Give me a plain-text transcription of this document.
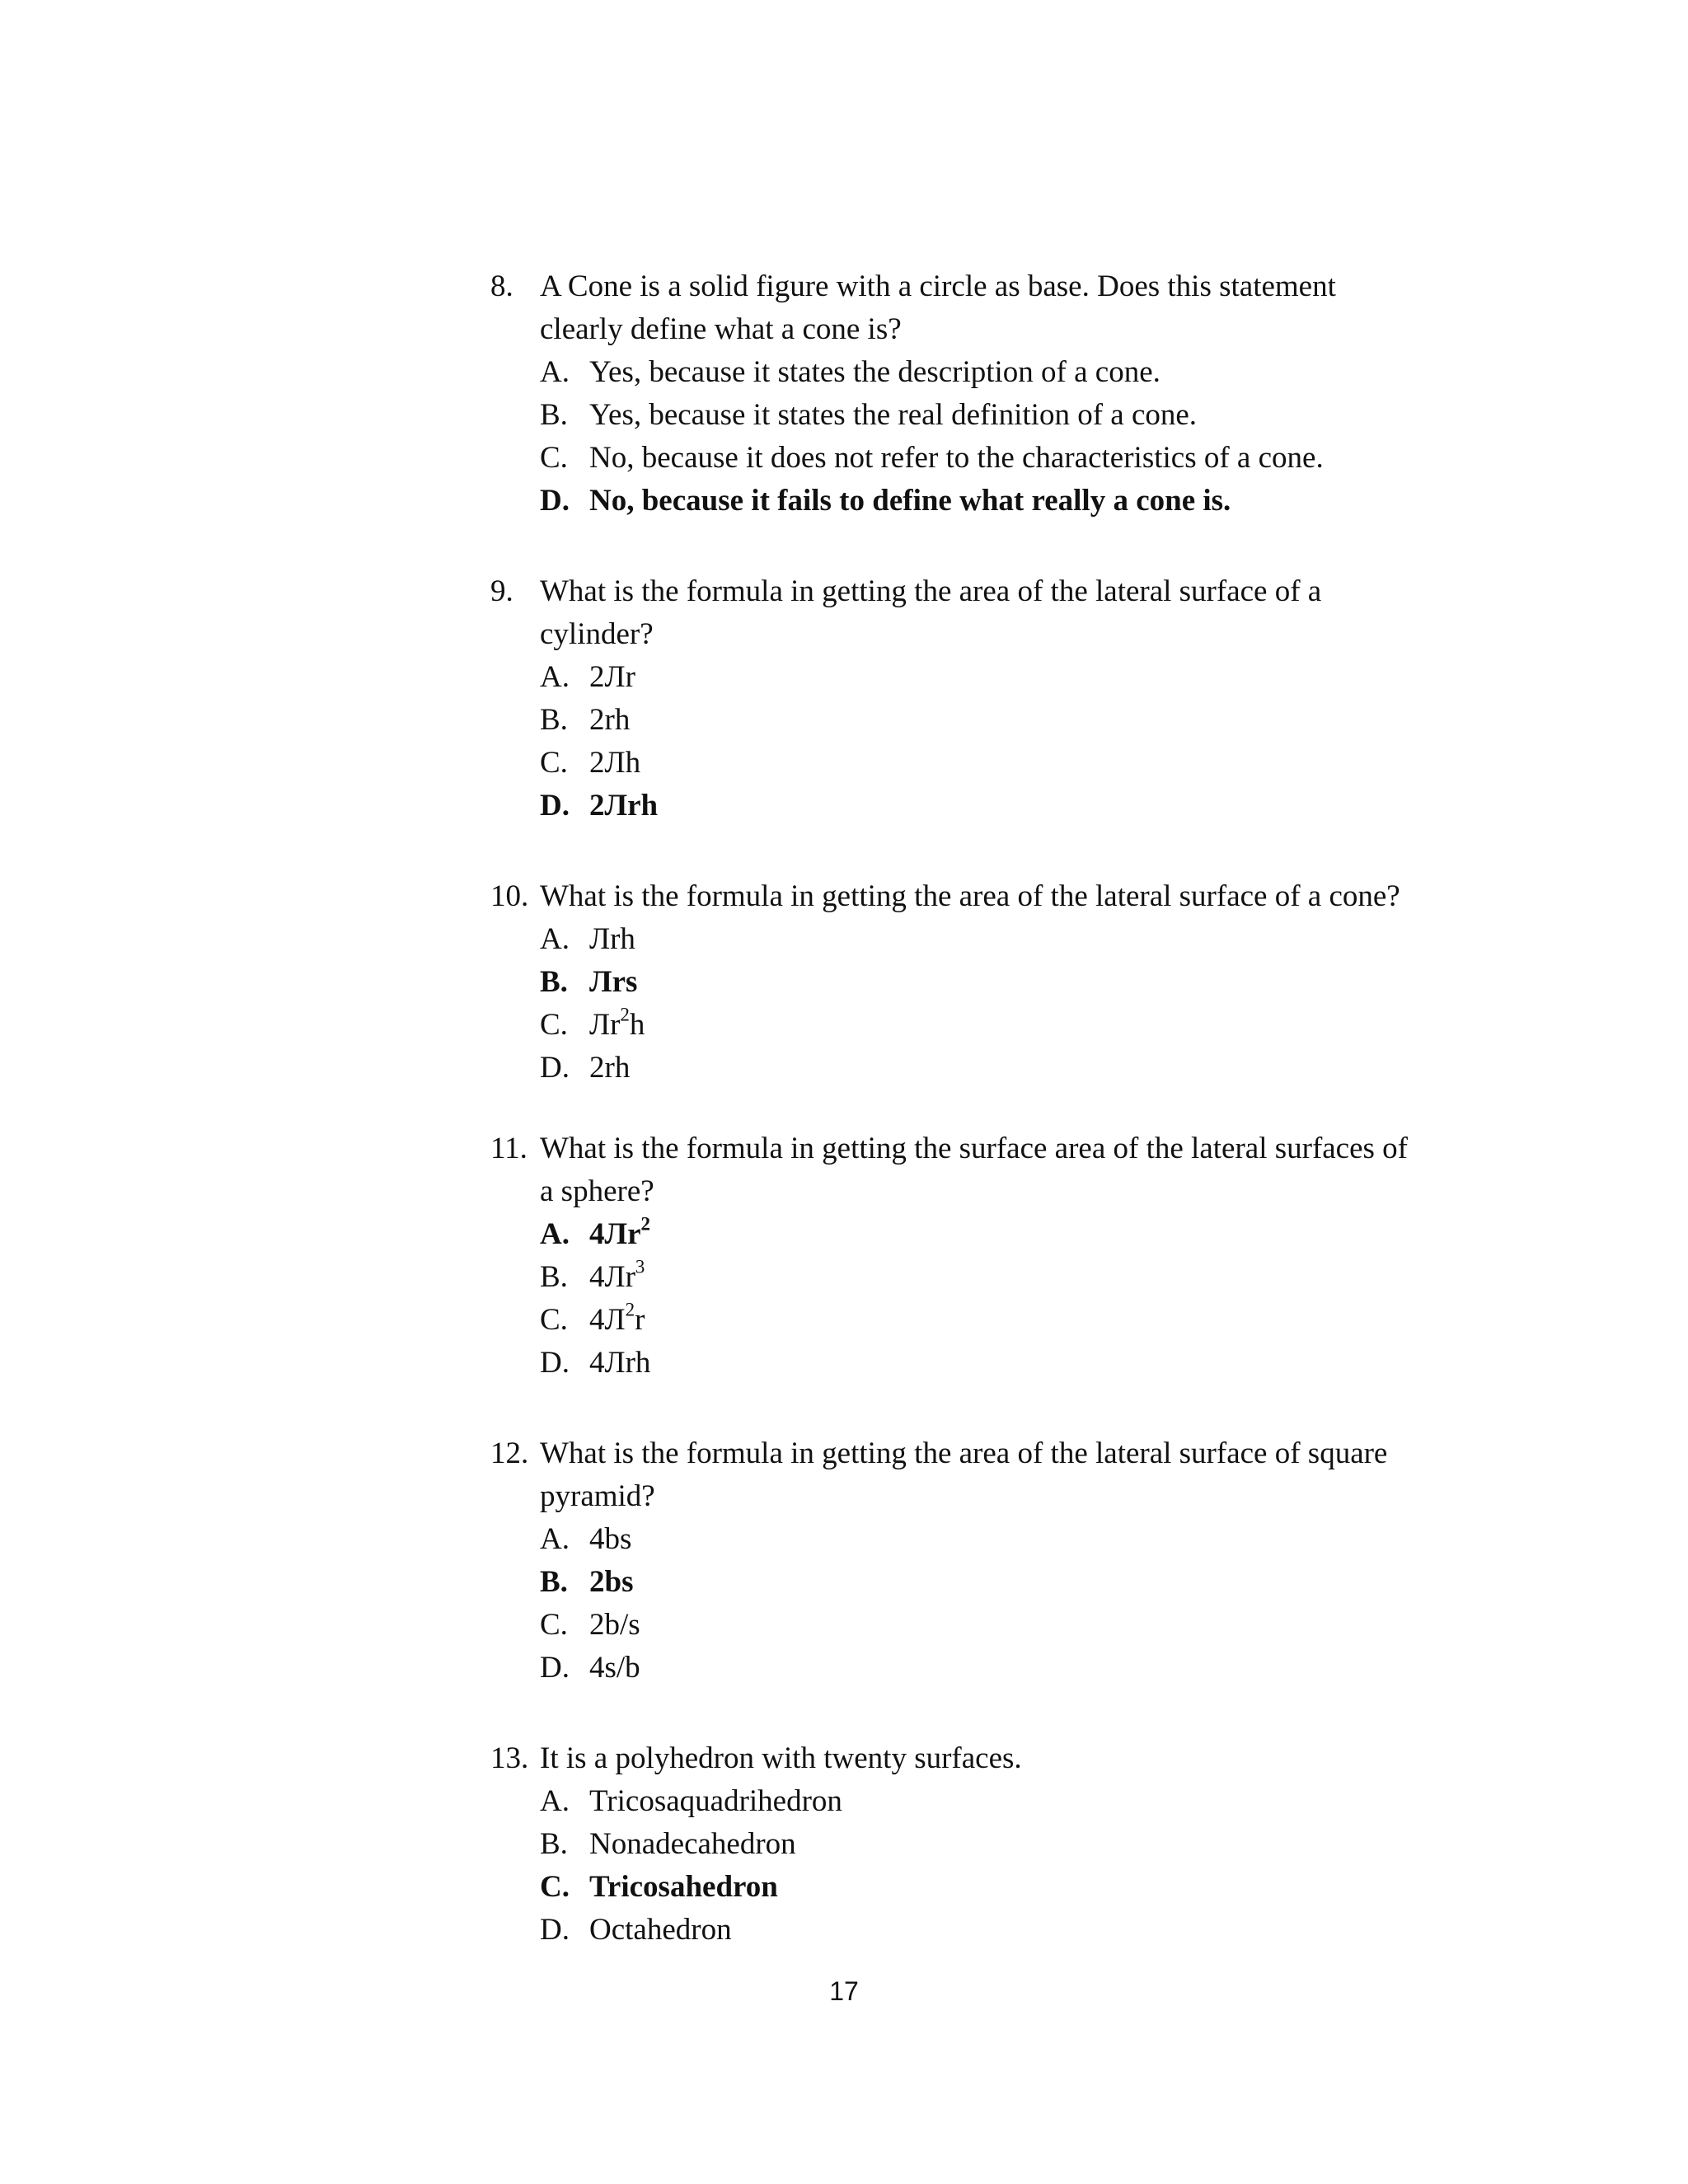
8. A Cone is a solid figure with a circle as base. Does this statement
clearly define what a cone is?
A. Yes, because it states the description of a cone.
B. Yes, because it states the real definition of a cone.
C. No, because it does not refer to the characteristics of a cone.
D. No, because it fails to define what really a cone is.
9. What is the formula in getting the area of the lateral surface of a
cylinder?
A. 2Лr
B. 2rh
C. 2Лh
D. 2Лrh
10. What is the formula in getting the area of the lateral surface of a cone?
A. Лrh
B. Лrs
C. $Лr^2h$
D. 2rh
11. What is the formula in getting the surface area of the lateral surfaces of
a sphere?
A. $4Лr^2$
B. $4Лr^3$
C. $4Л^2r$
D. 4Лrh
12. What is the formula in getting the area of the lateral surface of square
pyramid?
A. 4bs
B. 2bs
C. 2b/s
D. 4s/b
13. It is a polyhedron with twenty surfaces.
A. Tricosaquadrihedron
B. Nonadecahedron
C. Tricosahedron
D. Octahedron
17
